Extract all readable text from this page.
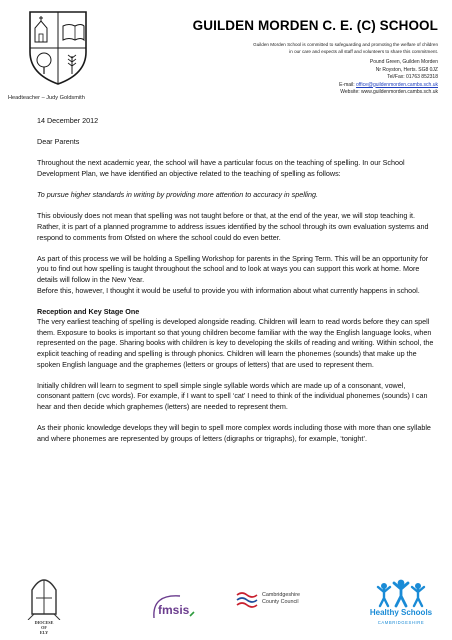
Headteacher – Judy Goldsmith
GUILDEN MORDEN C. E. (C) SCHOOL
Guilden Morden School is committed to safeguarding and promoting the welfare of children
in our care and expects all staff and volunteers to share this commitment.
Pound Green, Guilden Morden
Nr Royston, Herts. SG8 0JZ
Tel/Fax: 01763 852318
E-mail: office@guildenmorden.cambs.sch.uk
Website: www.guildenmorden.cambs.sch.uk

14 December 2012

Dear Parents

Throughout the next academic year, the school will have a particular focus on the teaching of spelling. In our School Development Plan, we have identified an objective related to the teaching of spelling as follows:

To pursue higher standards in writing by providing more attention to accuracy in spelling.

This obviously does not mean that spelling was not taught before or that, at the end of the year, we will stop teaching it. Rather, it is part of a planned programme to address issues identified by the school through its own evaluation systems and respond to comments from Ofsted on where the school could do even better.

As part of this process we will be holding a Spelling Workshop for parents in the Spring Term. This will be an opportunity for you to find out how spelling is taught throughout the school and to look at ways you can support this work at home. More details will follow in the New Year.

Before this, however, I thought it would be useful to provide you with information about what currently happens in school.

Reception and Key Stage One

The very earliest teaching of spelling is developed alongside reading. Children will learn to read words before they can spell them. Exposure to books is important so that young children become familiar with the way the English language looks, when represented on the page. Sharing books with children is key to developing the skills of reading and writing. Within school, the explicit teaching of reading and spelling is through phonics. Children will learn the phonemes (sounds) that make up the spoken English language and the graphemes (letters or groups of letters) that are used to represent them.

Initially children will learn to segment to spell simple single syllable words which are made up of a consonant, vowel, consonant pattern (cvc words). For example, if I want to spell ‘cat’ I need to think of the individual phonemes (sounds) I can hear and then decide which graphemes (letters) are needed to represent them.

As their phonic knowledge develops they will begin to spell more complex words including those with more than one syllable and where phonemes are represented by groups of letters (digraphs or trigraphs), for example, ‘tonight’.

DIOCESE
OF
ELY
fmsis
Cambridgeshire
County Council
Healthy Schools
CAMBRIDGESHIRE
